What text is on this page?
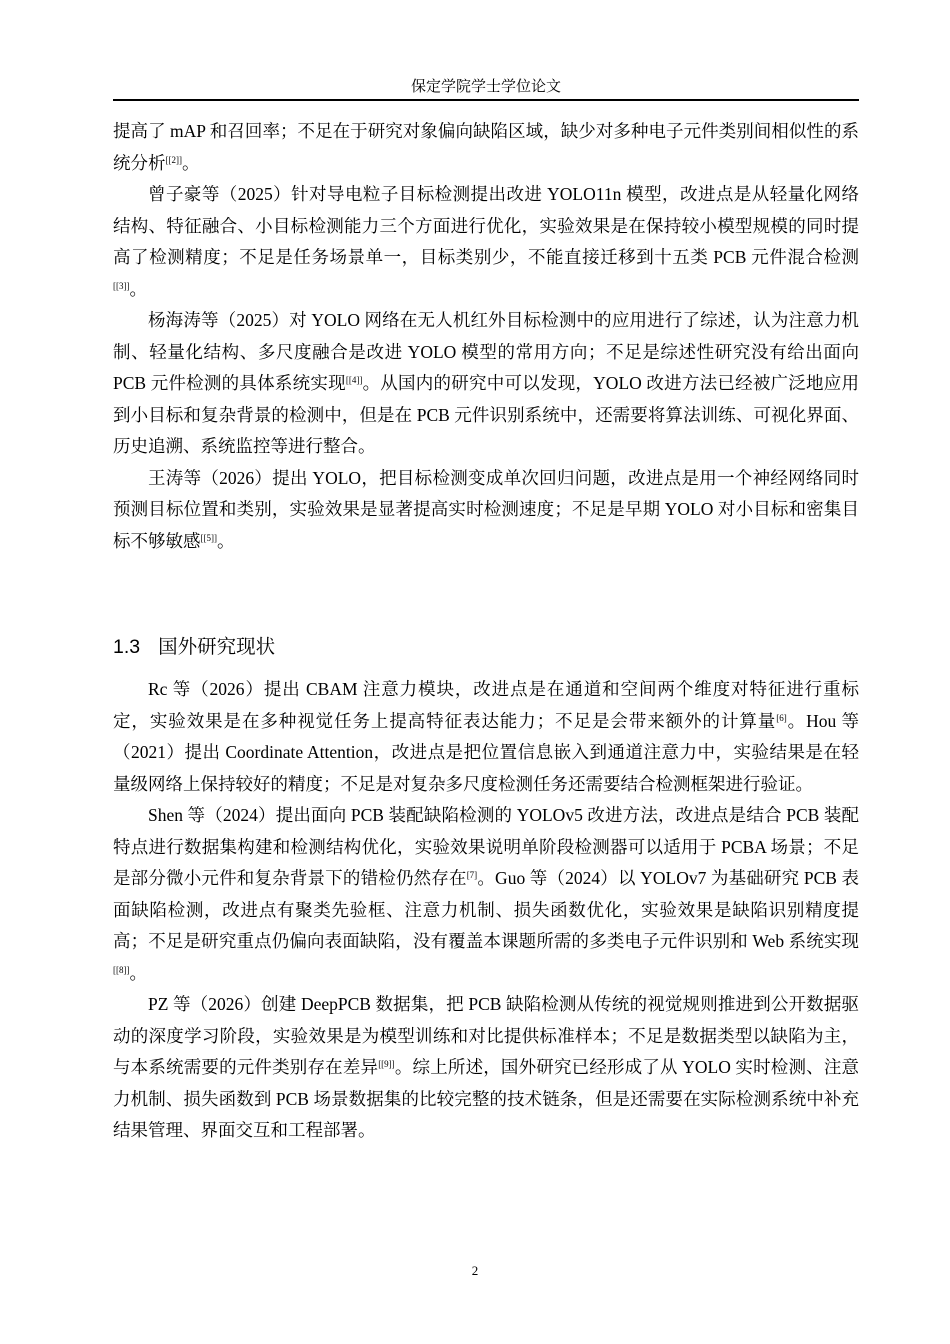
保定学院学士学位论文

提高了 mAP 和召回率；不足在于研究对象偏向缺陷区域，缺少对多种电子元件类别间相似性的系统分析[[2]]。

曾子豪等（2025）针对导电粒子目标检测提出改进 YOLO11n 模型，改进点是从轻量化网络结构、特征融合、小目标检测能力三个方面进行优化，实验效果是在保持较小模型规模的同时提高了检测精度；不足是任务场景单一，目标类别少，不能直接迁移到十五类 PCB 元件混合检测[[3]]。

杨海涛等（2025）对 YOLO 网络在无人机红外目标检测中的应用进行了综述，认为注意力机制、轻量化结构、多尺度融合是改进 YOLO 模型的常用方向；不足是综述性研究没有给出面向 PCB 元件检测的具体系统实现[[4]]。从国内的研究中可以发现，YOLO 改进方法已经被广泛地应用到小目标和复杂背景的检测中，但是在 PCB 元件识别系统中，还需要将算法训练、可视化界面、历史追溯、系统监控等进行整合。

王涛等（2026）提出 YOLO，把目标检测变成单次回归问题，改进点是用一个神经网络同时预测目标位置和类别，实验效果是显著提高实时检测速度；不足是早期 YOLO 对小目标和密集目标不够敏感[[5]]。

1.3 国外研究现状

Rc 等（2026）提出 CBAM 注意力模块，改进点是在通道和空间两个维度对特征进行重标定，实验效果是在多种视觉任务上提高特征表达能力；不足是会带来额外的计算量[6]。Hou 等（2021）提出 Coordinate Attention，改进点是把位置信息嵌入到通道注意力中，实验结果是在轻量级网络上保持较好的精度；不足是对复杂多尺度检测任务还需要结合检测框架进行验证。

Shen 等（2024）提出面向 PCB 装配缺陷检测的 YOLOv5 改进方法，改进点是结合 PCB 装配特点进行数据集构建和检测结构优化，实验效果说明单阶段检测器可以适用于 PCBA 场景；不足是部分微小元件和复杂背景下的错检仍然存在[7]。Guo 等（2024）以 YOLOv7 为基础研究 PCB 表面缺陷检测，改进点有聚类先验框、注意力机制、损失函数优化，实验效果是缺陷识别精度提高；不足是研究重点仍偏向表面缺陷，没有覆盖本课题所需的多类电子元件识别和 Web 系统实现[[8]]。

PZ 等（2026）创建 DeepPCB 数据集，把 PCB 缺陷检测从传统的视觉规则推进到公开数据驱动的深度学习阶段，实验效果是为模型训练和对比提供标准样本；不足是数据类型以缺陷为主，与本系统需要的元件类别存在差异[[9]]。综上所述，国外研究已经形成了从 YOLO 实时检测、注意力机制、损失函数到 PCB 场景数据集的比较完整的技术链条，但是还需要在实际检测系统中补充结果管理、界面交互和工程部署。

2
